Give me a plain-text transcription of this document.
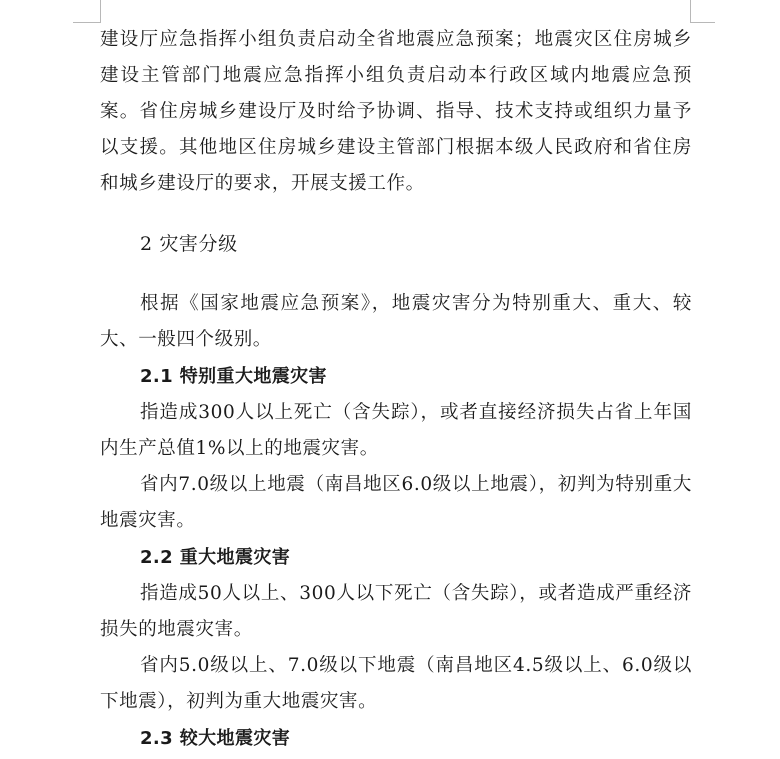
建设厅应急指挥小组负责启动全省地震应急预案；地震灾区住房城乡建设主管部门地震应急指挥小组负责启动本行政区域内地震应急预案。省住房城乡建设厅及时给予协调、指导、技术支持或组织力量予以支援。其他地区住房城乡建设主管部门根据本级人民政府和省住房和城乡建设厅的要求，开展支援工作。

2 灾害分级

根据《国家地震应急预案》，地震灾害分为特别重大、重大、较大、一般四个级别。

2.1 特别重大地震灾害

指造成300人以上死亡（含失踪），或者直接经济损失占省上年国内生产总值1%以上的地震灾害。

省内7.0级以上地震（南昌地区6.0级以上地震），初判为特别重大地震灾害。

2.2 重大地震灾害

指造成50人以上、300人以下死亡（含失踪），或者造成严重经济损失的地震灾害。

省内5.0级以上、7.0级以下地震（南昌地区4.5级以上、6.0级以下地震），初判为重大地震灾害。

2.3 较大地震灾害
